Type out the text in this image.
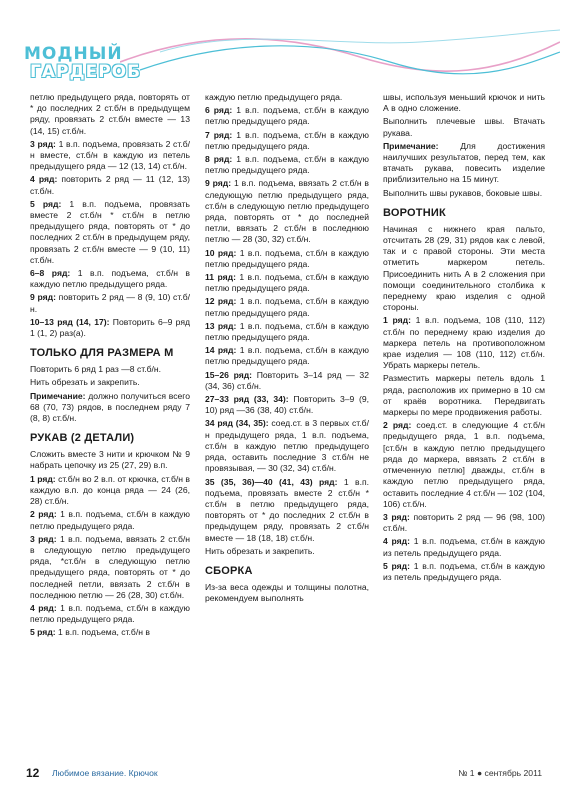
МОДНЫЙ
ГАРДЕРОБ

петлю предыдущего ряда, повторять от * до последних 2 ст.б/н в предыдущем ряду, провязать 2 ст.б/н вместе — 13 (14, 15) ст.б/н.

3 ряд: 1 в.п. подъема, провязать 2 ст.б/н вместе, ст.б/н в каждую из петель предыдущего ряда — 12 (13, 14) ст.б/н.

4 ряд: повторить 2 ряд — 11 (12, 13) ст.б/н.

5 ряд: 1 в.п. подъема, провязать вместе 2 ст.б/н * ст.б/н в петлю предыдущего ряда, повторять от * до последних 2 ст.б/н в предыдущем ряду, провязать 2 ст.б/н вместе — 9 (10, 11) ст.б/н.

6–8 ряд: 1 в.п. подъема, ст.б/н в каждую петлю предыдущего ряда.

9 ряд: повторить 2 ряд — 8 (9, 10) ст.б/н.

10–13 ряд (14, 17): Повторить 6–9 ряд 1 (1, 2) раз(а).

ТОЛЬКО ДЛЯ РАЗМЕРА М

Повторить 6 ряд 1 раз —8 ст.б/н.

Нить обрезать и закрепить.

Примечание: должно получиться всего 68 (70, 73) рядов, в последнем ряду 7 (8, 8) ст.б/н.

РУКАВ (2 ДЕТАЛИ)

Сложить вместе 3 нити и крючком № 9 набрать цепочку из 25 (27, 29) в.п.

1 ряд: ст.б/н во 2 в.п. от крючка, ст.б/н в каждую в.п. до конца ряда — 24 (26, 28) ст.б/н.

2 ряд: 1 в.п. подъема, ст.б/н в каждую петлю предыдущего ряда.

3 ряд: 1 в.п. подъема, ввязать 2 ст.б/н в следующую петлю предыдущего ряда, *ст.б/н в следующую петлю предыдущего ряда, повторять от * до последней петли, ввязать 2 ст.б/н в последнюю петлю — 26 (28, 30) ст.б/н.

4 ряд: 1 в.п. подъема, ст.б/н в каждую петлю предыдущего ряда.

5 ряд: 1 в.п. подъема, ст.б/н в

каждую петлю предыдущего ряда.

6 ряд: 1 в.п. подъема, ст.б/н в каждую петлю предыдущего ряда.

7 ряд: 1 в.п. подъема, ст.б/н в каждую петлю предыдущего ряда.

8 ряд: 1 в.п. подъема, ст.б/н в каждую петлю предыдущего ряда.

9 ряд: 1 в.п. подъема, ввязать 2 ст.б/н в следующую петлю предыдущего ряда, ст.б/н в следующую петлю предыдущего ряда, повторять от * до последней петли, ввязать 2 ст.б/н в последнюю петлю — 28 (30, 32) ст.б/н.

10 ряд: 1 в.п. подъема, ст.б/н в каждую петлю предыдущего ряда.

11 ряд: 1 в.п. подъема, ст.б/н в каждую петлю предыдущего ряда.

12 ряд: 1 в.п. подъема, ст.б/н в каждую петлю предыдущего ряда.

13 ряд: 1 в.п. подъема, ст.б/н в каждую петлю предыдущего ряда.

14 ряд: 1 в.п. подъема, ст.б/н в каждую петлю предыдущего ряда.

15–26 ряд: Повторить 3–14 ряд — 32 (34, 36) ст.б/н.

27–33 ряд (33, 34): Повторить 3–9 (9, 10) ряд —36 (38, 40) ст.б/н.

34 ряд (34, 35): соед.ст. в 3 первых ст.б/н предыдущего ряда, 1 в.п. подъема, ст.б/н в каждую петлю предыдущего ряда, оставить последние 3 ст.б/н не провязывая, — 30 (32, 34) ст.б/н.

35 (35, 36)—40 (41, 43) ряд: 1 в.п. подъема, провязать вместе 2 ст.б/н * ст.б/н в петлю предыдущего ряда, повторять от * до последних 2 ст.б/н в предыдущем ряду, провязать 2 ст.б/н вместе — 18 (18, 18) ст.б/н.

Нить обрезать и закрепить.

СБОРКА

Из-за веса одежды и толщины полотна, рекомендуем выполнять

швы, используя меньший крючок и нить А в одно сложение.

Выполнить плечевые швы. Втачать рукава.

Примечание: Для достижения наилучших результатов, перед тем, как втачать рукава, повесить изделие приблизительно на 15 минут.

Выполнить швы рукавов, боковые швы.

ВОРОТНИК

Начиная с нижнего края пальто, отсчитать 28 (29, 31) рядов как с левой, так и с правой стороны. Эти места отметить маркером петель. Присоединить нить А в 2 сложения при помощи соединительного столбика к переднему краю изделия с одной стороны.

1 ряд: 1 в.п. подъема, 108 (110, 112) ст.б/н по переднему краю изделия до маркера петель на противоположном крае изделия — 108 (110, 112) ст.б/н. Убрать маркеры петель.

Разместить маркеры петель вдоль 1 ряда, расположив их примерно в 10 см от краёв воротника. Передвигать маркеры по мере продвижения работы.

2 ряд: соед.ст. в следующие 4 ст.б/н предыдущего ряда, 1 в.п. подъема, [ст.б/н в каждую петлю предыдущего ряда до маркера, ввязать 2 ст.б/н в отмеченную петлю] дважды, ст.б/н в каждую петлю предыдущего ряда, оставить последние 4 ст.б/н — 102 (104, 106) ст.б/н.

3 ряд: повторить 2 ряд — 96 (98, 100) ст.б/н.

4 ряд: 1 в.п. подъема, ст.б/н в каждую из петель предыдущего ряда.

5 ряд: 1 в.п. подъема, ст.б/н в каждую из петель предыдущего ряда.

12 Любимое вязание. Крючок	№ 1 ● сентябрь 2011
